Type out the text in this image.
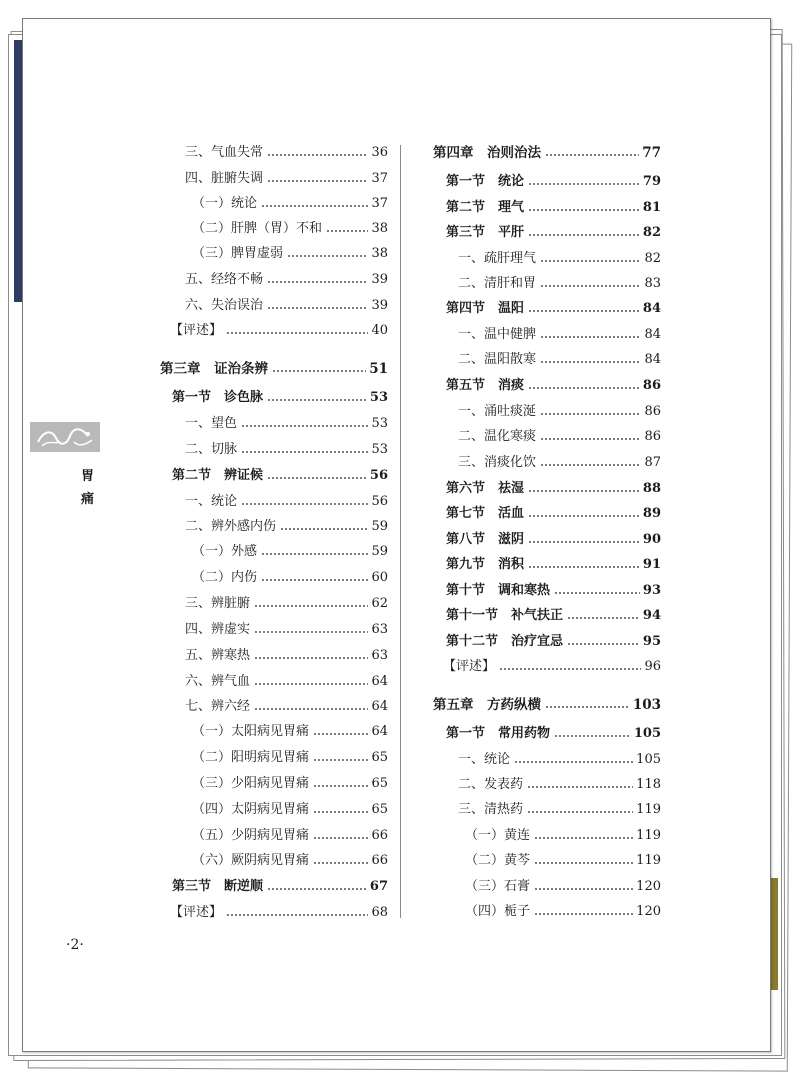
胃
痛
三、气血失常	36
四、脏腑失调	37
（一）统论	37
（二）肝脾（胃）不和	38
（三）脾胃虚弱	38
五、经络不畅	39
六、失治误治	39
【评述】	40
第三章　证治条辨	51
第一节　诊色脉	53
一、望色	53
二、切脉	53
第二节　辨证候	56
一、统论	56
二、辨外感内伤	59
（一）外感	59
（二）内伤	60
三、辨脏腑	62
四、辨虚实	63
五、辨寒热	63
六、辨气血	64
七、辨六经	64
（一）太阳病见胃痛	64
（二）阳明病见胃痛	65
（三）少阳病见胃痛	65
（四）太阴病见胃痛	65
（五）少阴病见胃痛	66
（六）厥阴病见胃痛	66
第三节　断逆顺	67
【评述】	68
第四章　治则治法	77
第一节　统论	79
第二节　理气	81
第三节　平肝	82
一、疏肝理气	82
二、清肝和胃	83
第四节　温阳	84
一、温中健脾	84
二、温阳散寒	84
第五节　消痰	86
一、涌吐痰涎	86
二、温化寒痰	86
三、消痰化饮	87
第六节　祛湿	88
第七节　活血	89
第八节　滋阴	90
第九节　消积	91
第十节　调和寒热	93
第十一节　补气扶正	94
第十二节　治疗宜忌	95
【评述】	96
第五章　方药纵横	103
第一节　常用药物	105
一、统论	105
二、发表药	118
三、清热药	119
（一）黄连	119
（二）黄芩	119
（三）石膏	120
（四）栀子	120
·2·
